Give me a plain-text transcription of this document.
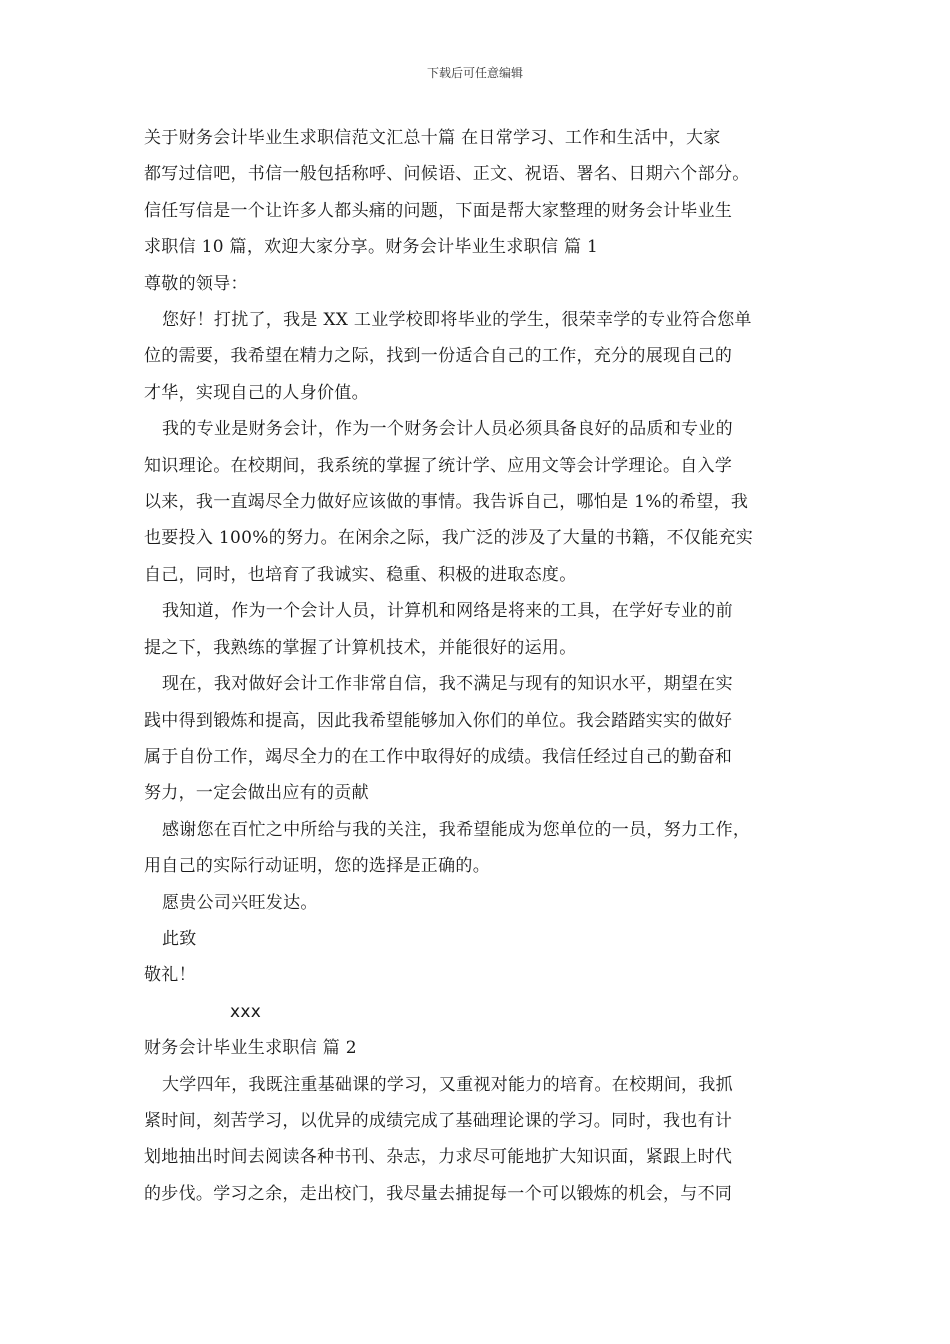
下载后可任意编辑
关于财务会计毕业生求职信范文汇总十篇 在日常学习、工作和生活中，大家
都写过信吧，书信一般包括称呼、问候语、正文、祝语、署名、日期六个部分。
信任写信是一个让许多人都头痛的问题，下面是帮大家整理的财务会计毕业生
求职信 10 篇，欢迎大家分享。财务会计毕业生求职信 篇 1
尊敬的领导：
您好！打扰了，我是 XX 工业学校即将毕业的学生，很荣幸学的专业符合您单
位的需要，我希望在精力之际，找到一份适合自己的工作，充分的展现自己的
才华，实现自己的人身价值。
我的专业是财务会计，作为一个财务会计人员必须具备良好的品质和专业的
知识理论。在校期间，我系统的掌握了统计学、应用文等会计学理论。自入学
以来，我一直竭尽全力做好应该做的事情。我告诉自己，哪怕是 1%的希望，我
也要投入 100%的努力。在闲余之际，我广泛的涉及了大量的书籍，不仅能充实
自己，同时，也培育了我诚实、稳重、积极的进取态度。
我知道，作为一个会计人员，计算机和网络是将来的工具，在学好专业的前
提之下，我熟练的掌握了计算机技术，并能很好的运用。
现在，我对做好会计工作非常自信，我不满足与现有的知识水平，期望在实
践中得到锻炼和提高，因此我希望能够加入你们的单位。我会踏踏实实的做好
属于自份工作，竭尽全力的在工作中取得好的成绩。我信任经过自己的勤奋和
努力，一定会做出应有的贡献
感谢您在百忙之中所给与我的关注，我希望能成为您单位的一员，努力工作，
用自己的实际行动证明，您的选择是正确的。
愿贵公司兴旺发达。
此致
敬礼！
xxx
财务会计毕业生求职信 篇 2
大学四年，我既注重基础课的学习，又重视对能力的培育。在校期间，我抓
紧时间，刻苦学习，以优异的成绩完成了基础理论课的学习。同时，我也有计
划地抽出时间去阅读各种书刊、杂志，力求尽可能地扩大知识面，紧跟上时代
的步伐。学习之余，走出校门，我尽量去捕捉每一个可以锻炼的机会，与不同
